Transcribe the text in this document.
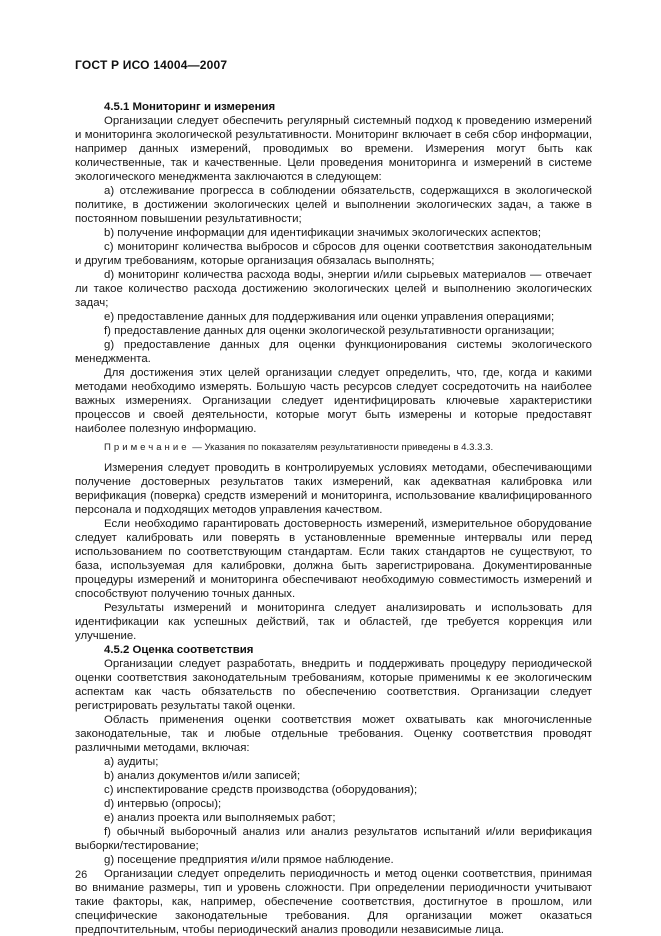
ГОСТ Р ИСО 14004—2007

4.5.1 Мониторинг и измерения

Организации следует обеспечить регулярный системный подход к проведению измерений и мониторинга экологической результативности. Мониторинг включает в себя сбор информации, например данных измерений, проводимых во времени. Измерения могут быть как количественные, так и качественные. Цели проведения мониторинга и измерений в системе экологического менеджмента заключаются в следующем:

a) отслеживание прогресса в соблюдении обязательств, содержащихся в экологической политике, в достижении экологических целей и выполнении экологических задач, а также в постоянном повышении результативности;

b) получение информации для идентификации значимых экологических аспектов;

c) мониторинг количества выбросов и сбросов для оценки соответствия законодательным и другим требованиям, которые организация обязалась выполнять;

d) мониторинг количества расхода воды, энергии и/или сырьевых материалов — отвечает ли такое количество расхода достижению экологических целей и выполнению экологических задач;

e) предоставление данных для поддерживания или оценки управления операциями;

f) предоставление данных для оценки экологической результативности организации;

g) предоставление данных для оценки функционирования системы экологического менеджмента.

Для достижения этих целей организации следует определить, что, где, когда и какими методами необходимо измерять. Большую часть ресурсов следует сосредоточить на наиболее важных измерениях. Организации следует идентифицировать ключевые характеристики процессов и своей деятельности, которые могут быть измерены и которые предоставят наиболее полезную информацию.

Примечание — Указания по показателям результативности приведены в 4.3.3.3.

Измерения следует проводить в контролируемых условиях методами, обеспечивающими получение достоверных результатов таких измерений, как адекватная калибровка или верификация (поверка) средств измерений и мониторинга, использование квалифицированного персонала и подходящих методов управления качеством.

Если необходимо гарантировать достоверность измерений, измерительное оборудование следует калибровать или поверять в установленные временные интервалы или перед использованием по соответствующим стандартам. Если таких стандартов не существуют, то база, используемая для калибровки, должна быть зарегистрирована. Документированные процедуры измерений и мониторинга обеспечивают необходимую совместимость измерений и способствуют получению точных данных.

Результаты измерений и мониторинга следует анализировать и использовать для идентификации как успешных действий, так и областей, где требуется коррекция или улучшение.

4.5.2 Оценка соответствия

Организации следует разработать, внедрить и поддерживать процедуру периодической оценки соответствия законодательным требованиям, которые применимы к ее экологическим аспектам как часть обязательств по обеспечению соответствия. Организации следует регистрировать результаты такой оценки.

Область применения оценки соответствия может охватывать как многочисленные законодательные, так и любые отдельные требования. Оценку соответствия проводят различными методами, включая:

a) аудиты;

b) анализ документов и/или записей;

c) инспектирование средств производства (оборудования);

d) интервью (опросы);

e) анализ проекта или выполняемых работ;

f) обычный выборочный анализ или анализ результатов испытаний и/или верификация выборки/тестирование;

g) посещение предприятия и/или прямое наблюдение.

Организации следует определить периодичность и метод оценки соответствия, принимая во внимание размеры, тип и уровень сложности. При определении периодичности учитывают такие факторы, как, например, обеспечение соответствия, достигнутое в прошлом, или специфические законодательные требования. Для организации может оказаться предпочтительным, чтобы периодический анализ проводили независимые лица.

26
